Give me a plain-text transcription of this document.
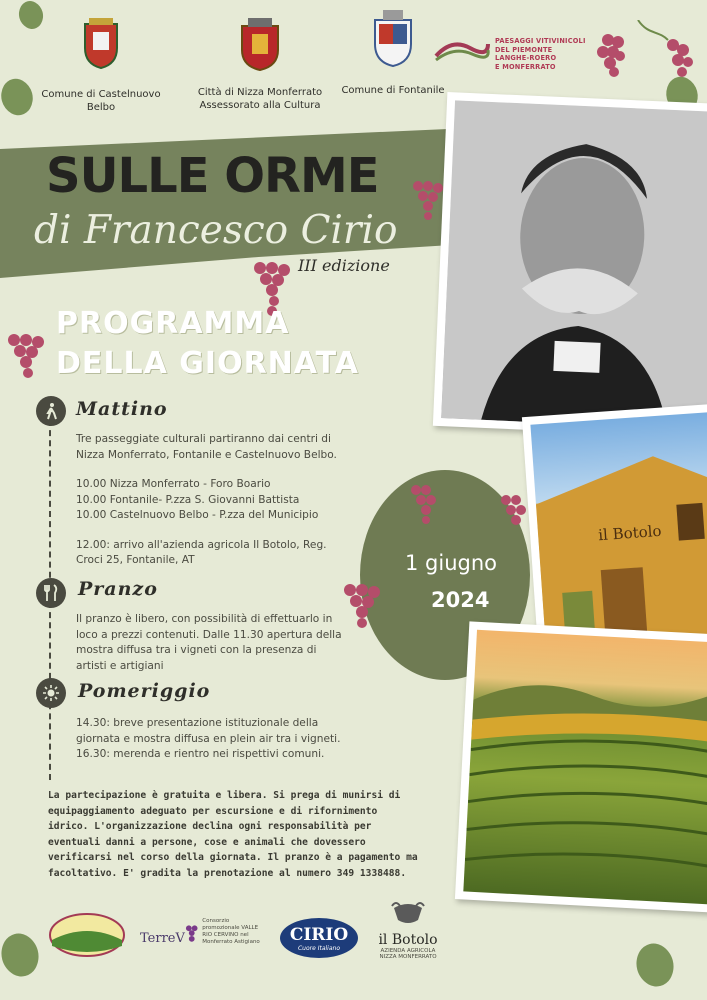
Comune di Castelnuovo Belbo
Città di Nizza Monferrato
Assessorato alla Cultura
Comune di Fontanile
PAESAGGI VITIVINICOLI
DEL PIEMONTE
LANGHE-ROERO
E MONFERRATO
SULLE ORME
di Francesco Cirio
III edizione
PROGRAMMA
DELLA GIORNATA
il Botolo
1 giugno
2024
Mattino
Tre passeggiate culturali partiranno dai centri di
Nizza Monferrato, Fontanile e Castelnuovo Belbo.
10.00 Nizza Monferrato - Foro Boario
10.00 Fontanile- P.zza S. Giovanni Battista
10.00 Castelnuovo Belbo - P.zza del Municipio
12.00: arrivo all'azienda agricola Il Botolo, Reg.
Croci 25, Fontanile, AT
Pranzo
Il pranzo è libero, con possibilità di effettuarlo in
loco a prezzi contenuti. Dalle 11.30 apertura della
mostra diffusa tra i vigneti con la presenza di
artisti e artigiani
Pomeriggio
14.30: breve presentazione istituzionale della
giornata e mostra diffusa en plein air tra i vigneti.
16.30: merenda e rientro nei rispettivi comuni.
La partecipazione è gratuita e libera. Si prega di munirsi di
equipaggiamento adeguato per escursione e di rifornimento
idrico. L'organizzazione declina ogni responsabilità per
eventuali danni a persone, cose e animali che dovessero
verificarsi nel corso della giornata. Il pranzo è a pagamento ma
facoltativo. E' gradita la prenotazione al numero 349 1338488.
TerreV
Consorzio promozionale VALLE RIO CERVINO nel Monferrato Astigiano CIRIO
Cuore Italiano	il Botolo
AZIENDA AGRICOLA
NIZZA MONFERRATO
